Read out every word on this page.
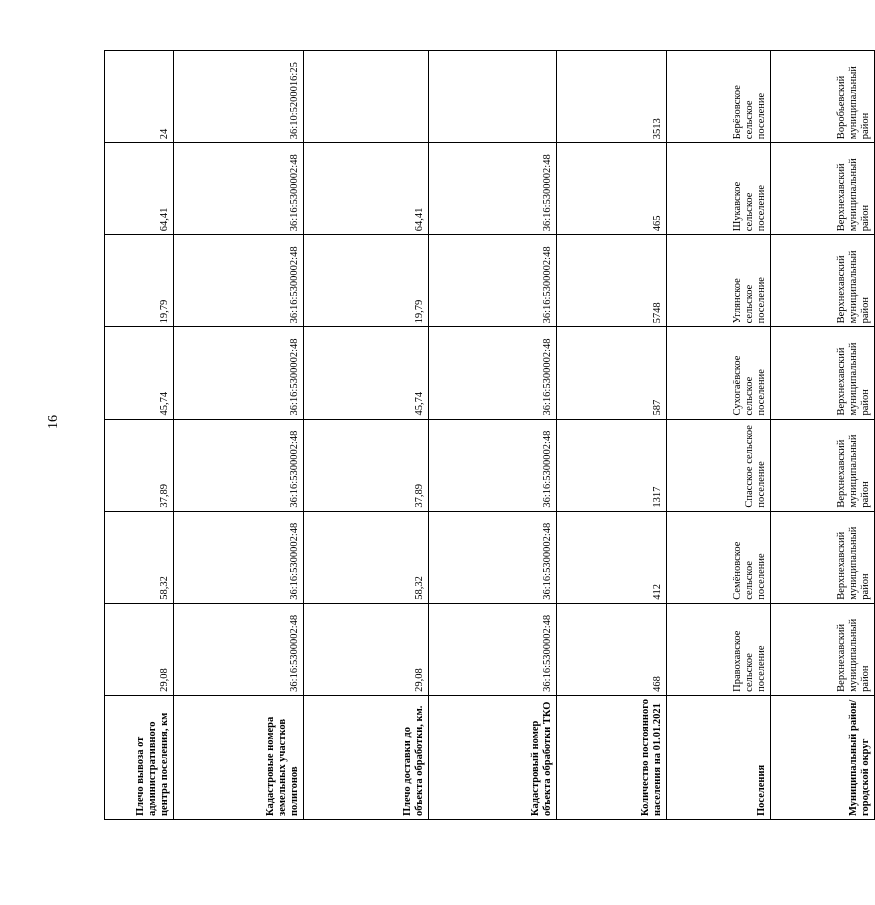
16
Плечо вывоза от административного центра поселения, км	29,08	58,32	37,89	45,74	19,79	64,41	24
Кадастровые номера земельных участков полигонов	36:16:5300002:48	36:16:5300002:48	36:16:5300002:48	36:16:5300002:48	36:16:5300002:48	36:16:5300002:48	36:10:5200016:25
Плечо доставки до объекта обработки, км.	29,08	58,32	37,89	45,74	19,79	64,41	
Кадастровый номер объекта обработки ТКО	36:16:5300002:48	36:16:5300002:48	36:16:5300002:48	36:16:5300002:48	36:16:5300002:48	36:16:5300002:48	
Количество постоянного населения на 01.01.2021	468	412	1317	587	5748	465	3513
Поселения	Правохавское сельское поселение	Семёновское сельское поселение	Спасское сельское поселение	Сухогаёвское сельское поселение	Углянское сельское поселение	Шукавское сельское поселение	Берёзовское сельское поселение
Муниципальный район/ городской округ	Верхнехавский муниципальный район	Верхнехавский муниципальный район	Верхнехавский муниципальный район	Верхнехавский муниципальный район	Верхнехавский муниципальный район	Верхнехавский муниципальный район	Воробьевский муниципальный район
